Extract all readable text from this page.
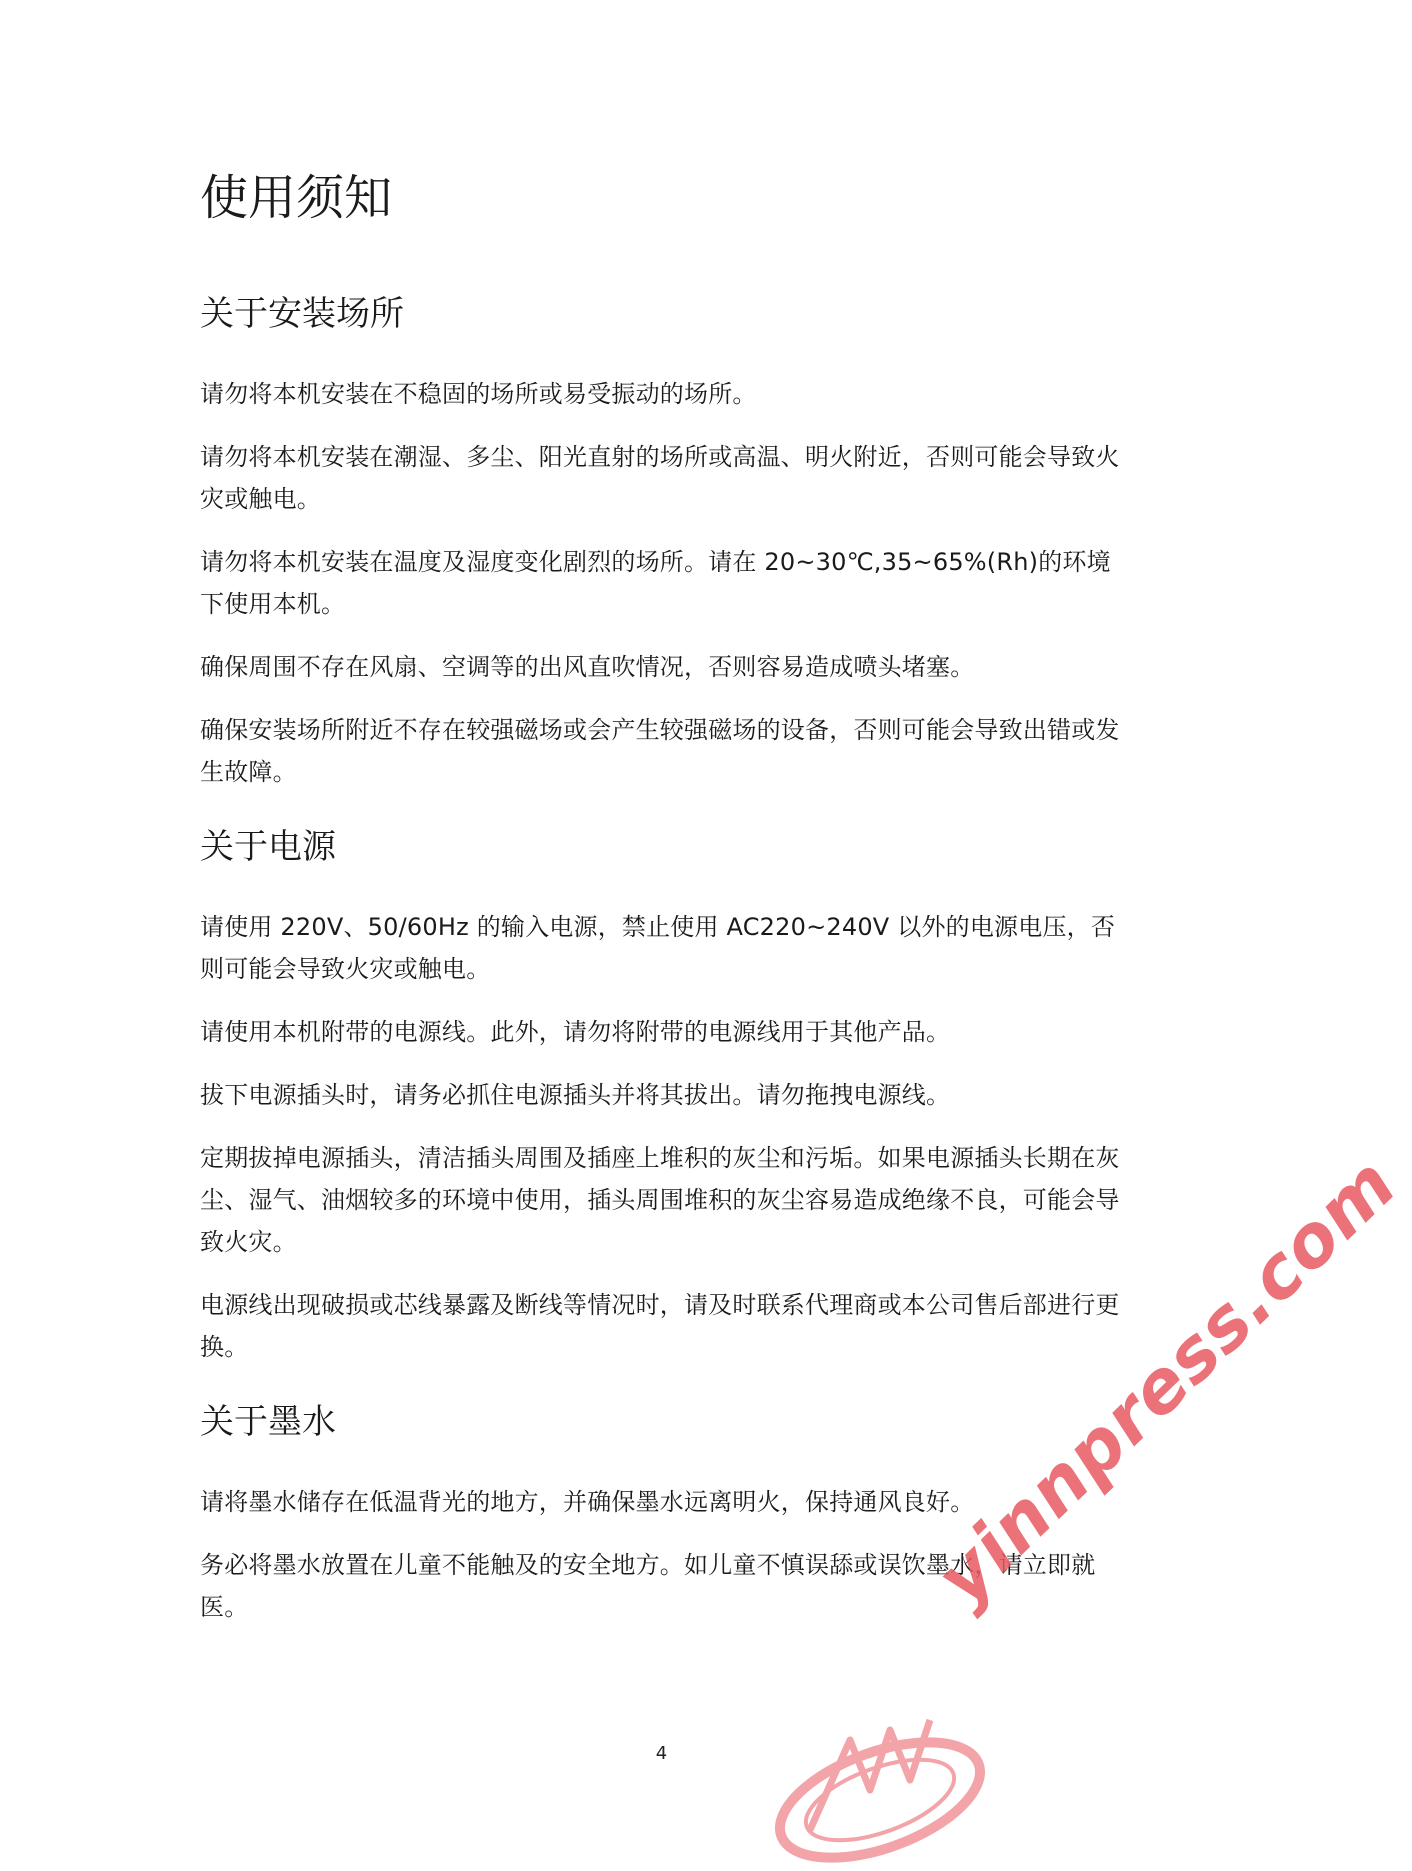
使用须知
关于安装场所

请勿将本机安装在不稳固的场所或易受振动的场所。

请勿将本机安装在潮湿、多尘、阳光直射的场所或高温、明火附近，否则可能会导致火灾或触电。

请勿将本机安装在温度及湿度变化剧烈的场所。请在 20~30℃,35~65%(Rh)的环境下使用本机。

确保周围不存在风扇、空调等的出风直吹情况，否则容易造成喷头堵塞。

确保安装场所附近不存在较强磁场或会产生较强磁场的设备，否则可能会导致出错或发生故障。

关于电源

请使用 220V、50/60Hz 的输入电源，禁止使用 AC220~240V 以外的电源电压，否则可能会导致火灾或触电。

请使用本机附带的电源线。此外，请勿将附带的电源线用于其他产品。

拔下电源插头时，请务必抓住电源插头并将其拔出。请勿拖拽电源线。

定期拔掉电源插头，清洁插头周围及插座上堆积的灰尘和污垢。如果电源插头长期在灰尘、湿气、油烟较多的环境中使用，插头周围堆积的灰尘容易造成绝缘不良，可能会导致火灾。

电源线出现破损或芯线暴露及断线等情况时，请及时联系代理商或本公司售后部进行更换。

关于墨水

请将墨水储存在低温背光的地方，并确保墨水远离明火，保持通风良好。

务必将墨水放置在儿童不能触及的安全地方。如儿童不慎误舔或误饮墨水，请立即就医。

4
yinnpress.com
